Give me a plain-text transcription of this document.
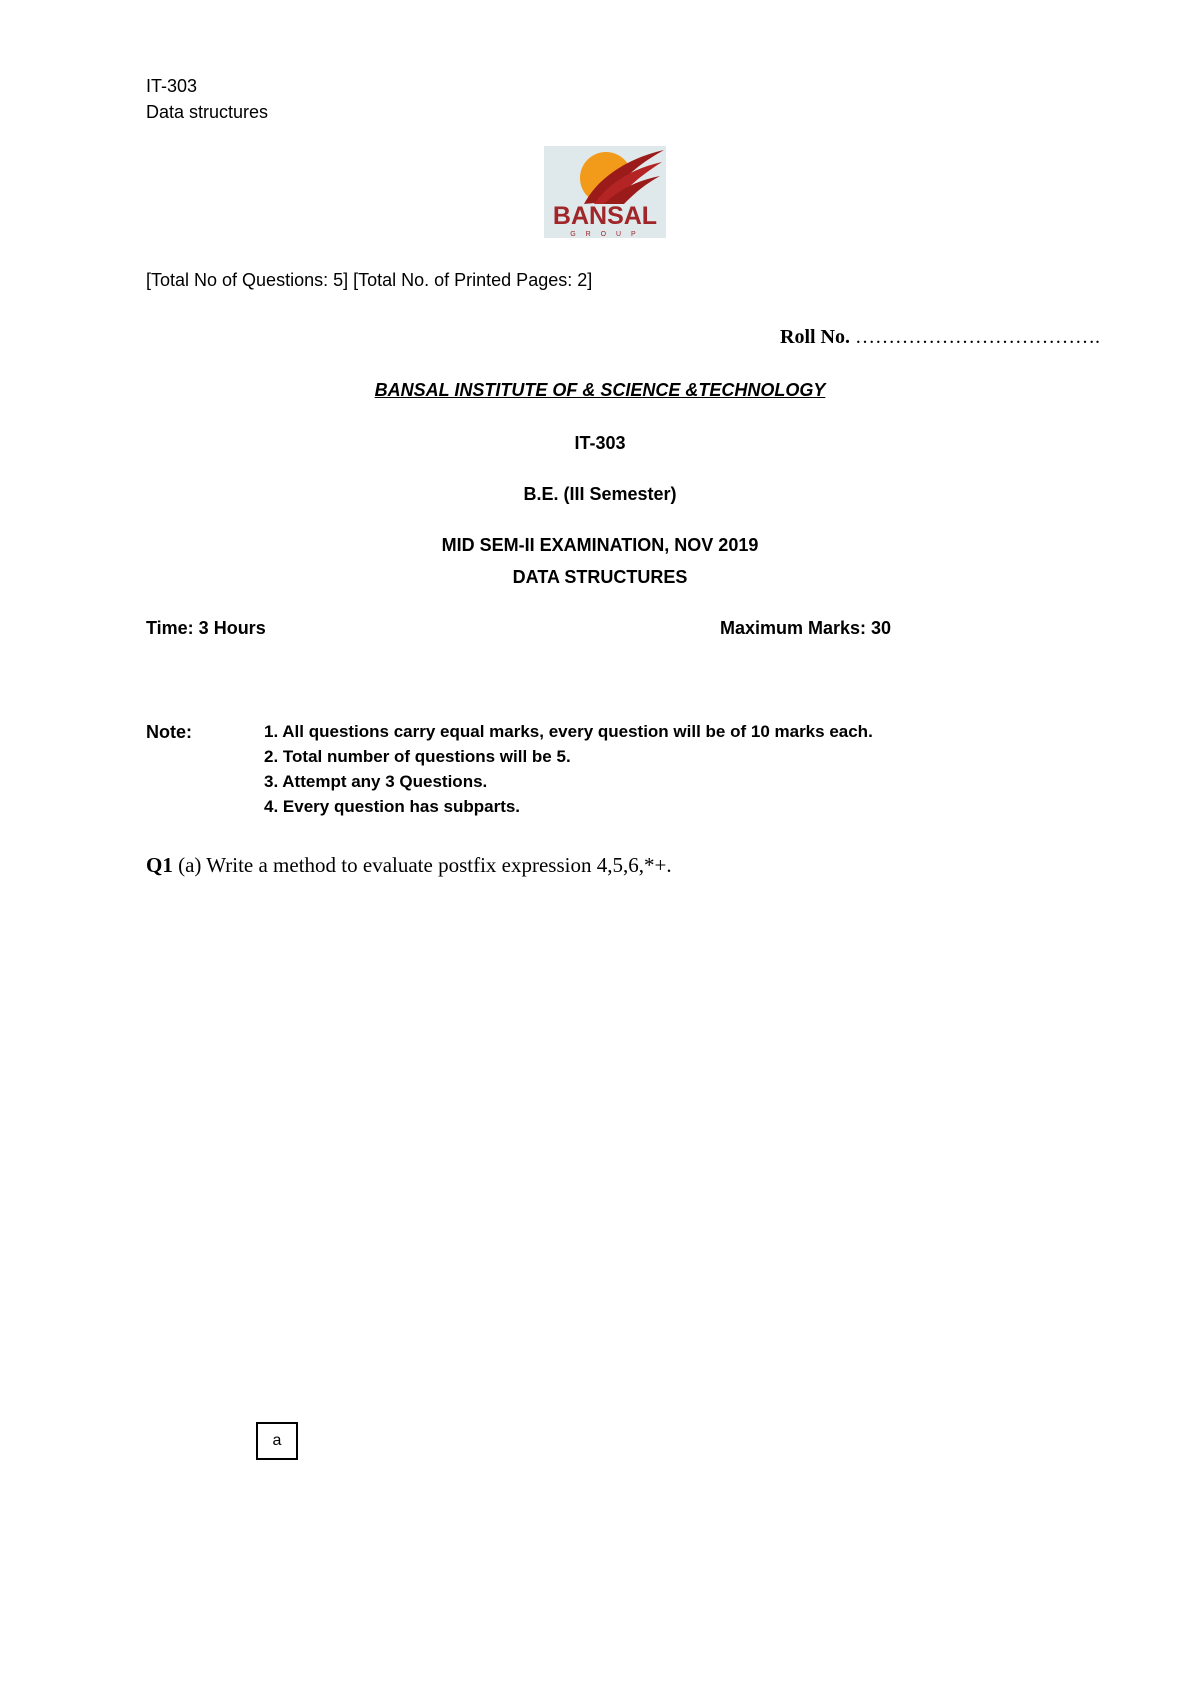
IT-303
Data structures
BANSAL
G R O U P
[Total No of Questions: 5] [Total No. of Printed Pages: 2]
Roll No. ……………………………….
BANSAL INSTITUTE OF & SCIENCE &TECHNOLOGY
IT-303
B.E. (III Semester)
MID SEM-II EXAMINATION, NOV 2019
DATA STRUCTURES
Time: 3 Hours	Maximum Marks: 30
Note:	1. All questions carry equal marks, every question will be of 10 marks each.
2. Total number of questions will be 5.
3. Attempt any 3 Questions.
4. Every question has subparts.
Q1 (a) Write a method to evaluate postfix expression 4,5,6,*+.
a
